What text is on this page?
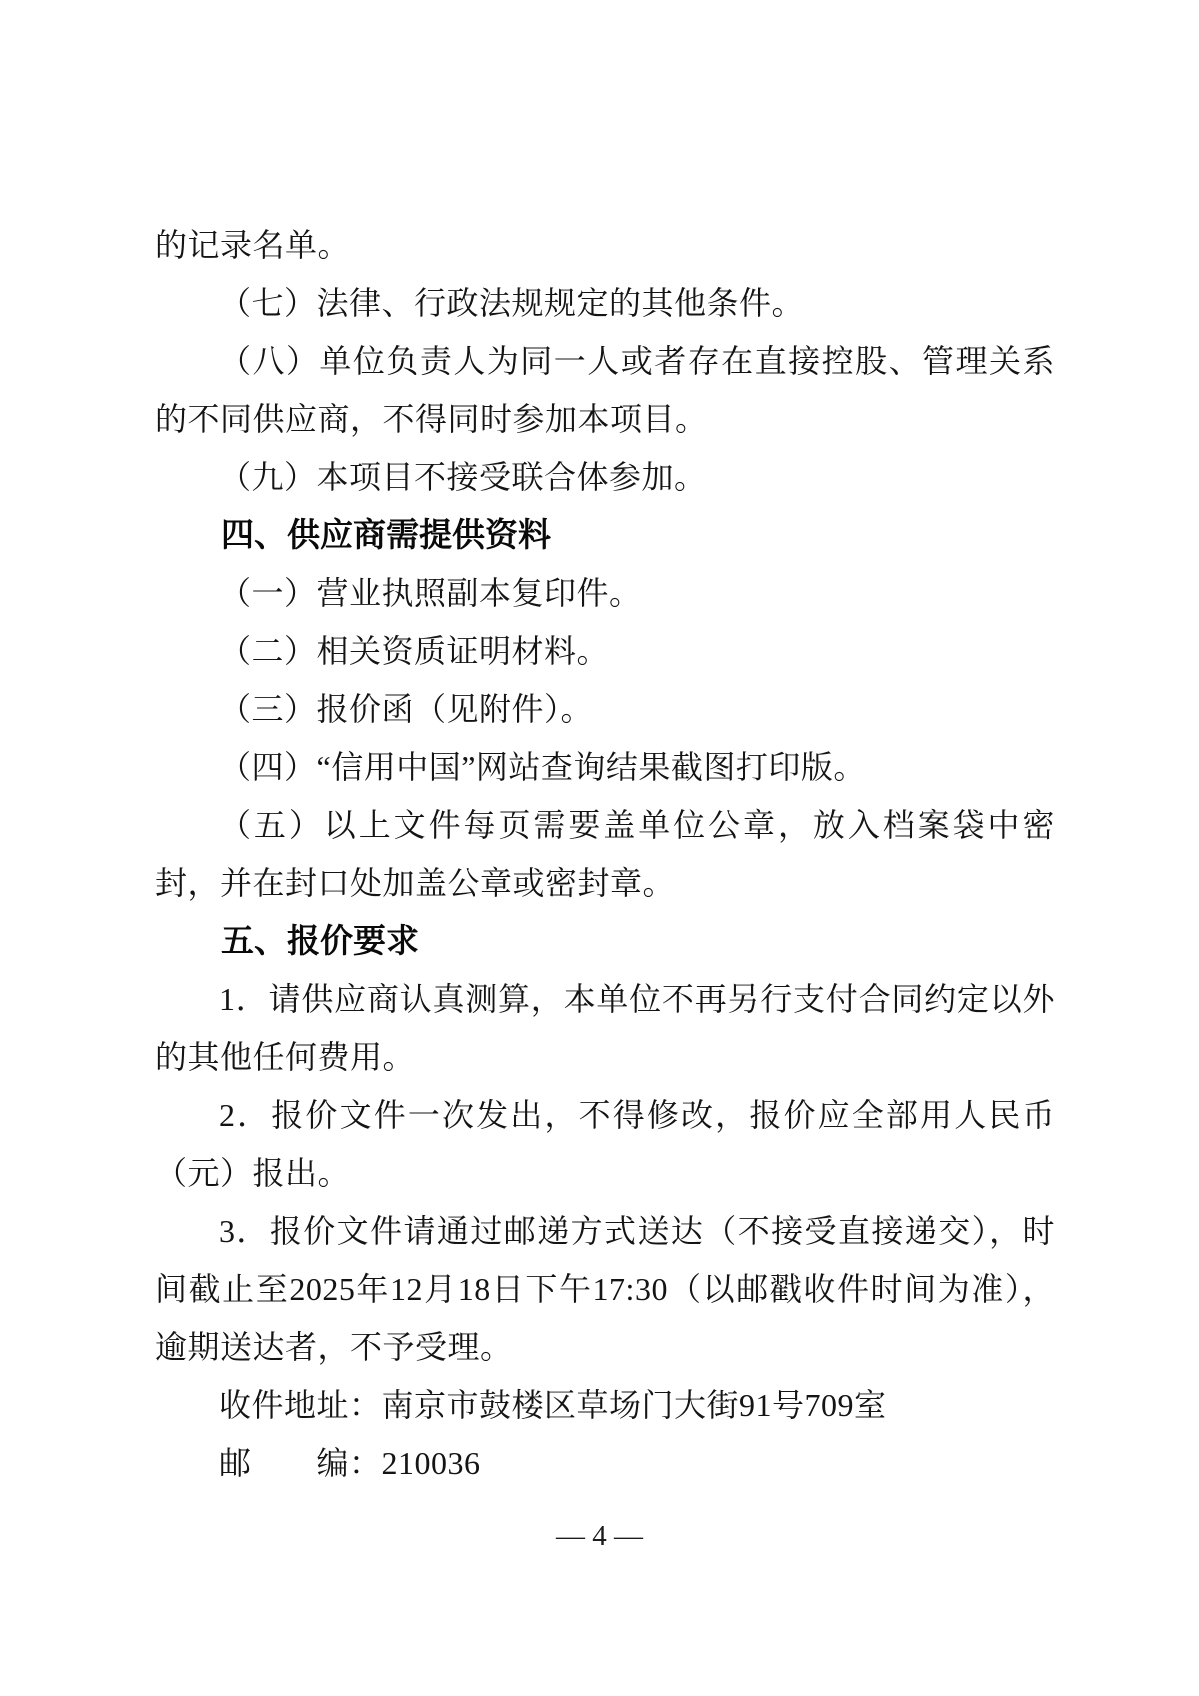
的记录名单。

（七）法律、行政法规规定的其他条件。

（八）单位负责人为同一人或者存在直接控股、管理关系的不同供应商，不得同时参加本项目。

（九）本项目不接受联合体参加。

四、供应商需提供资料

（一）营业执照副本复印件。

（二）相关资质证明材料。

（三）报价函（见附件）。

（四）“信用中国”网站查询结果截图打印版。

（五）以上文件每页需要盖单位公章，放入档案袋中密封，并在封口处加盖公章或密封章。

五、报价要求

1．请供应商认真测算，本单位不再另行支付合同约定以外的其他任何费用。

2．报价文件一次发出，不得修改，报价应全部用人民币（元）报出。

3．报价文件请通过邮递方式送达（不接受直接递交），时间截止至2025年12月18日下午17:30（以邮戳收件时间为准），逾期送达者，不予受理。

收件地址：南京市鼓楼区草场门大街91号709室

邮　　编：210036

— 4 —
